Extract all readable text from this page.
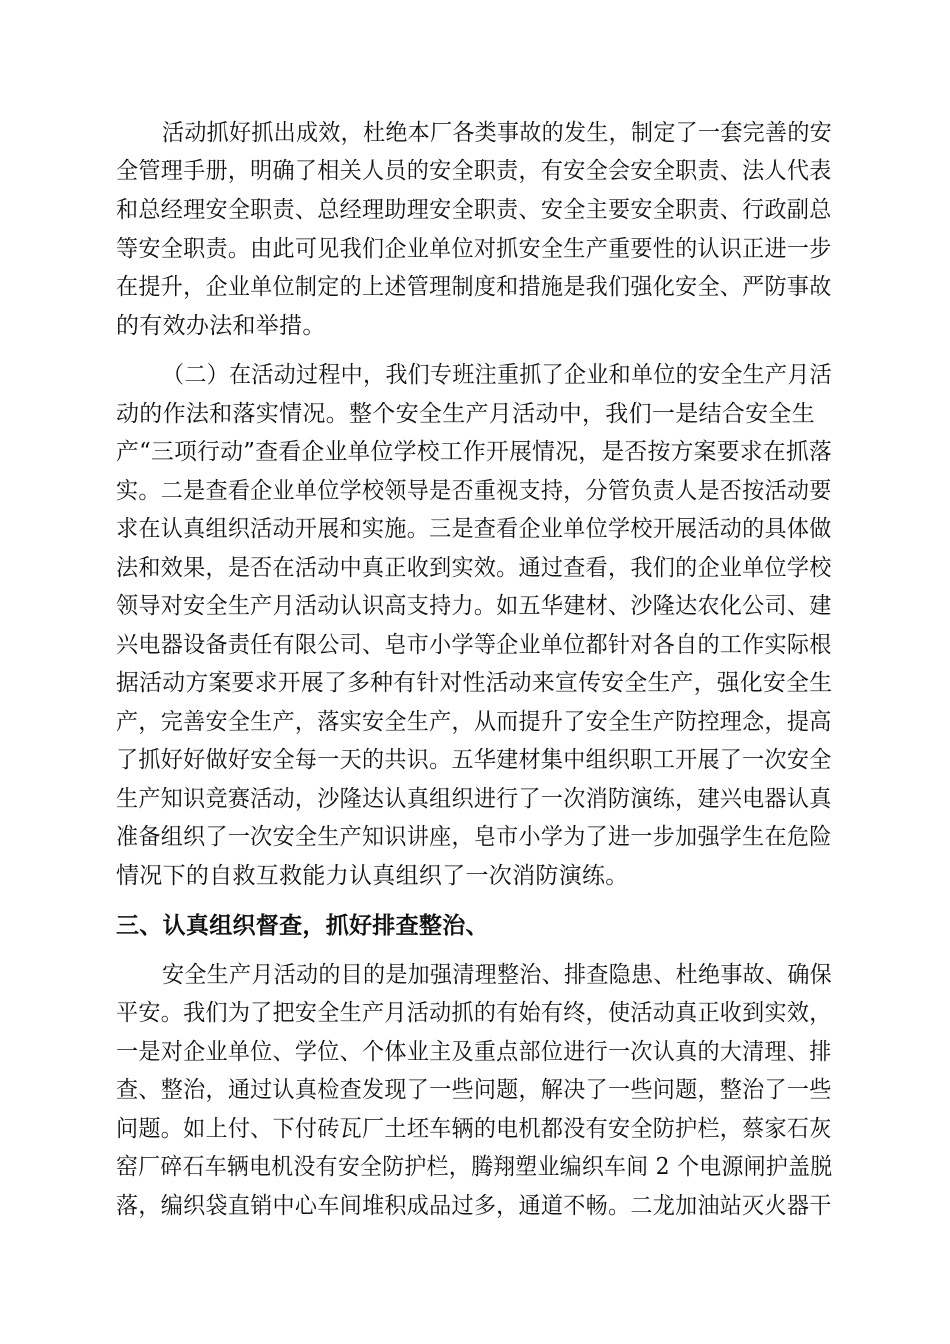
活动抓好抓出成效，杜绝本厂各类事故的发生，制定了一套完善的安
全管理手册，明确了相关人员的安全职责，有安全会安全职责、法人代表
和总经理安全职责、总经理助理安全职责、安全主要安全职责、行政副总
等安全职责。由此可见我们企业单位对抓安全生产重要性的认识正进一步
在提升，企业单位制定的上述管理制度和措施是我们强化安全、严防事故
的有效办法和举措。
（二）在活动过程中，我们专班注重抓了企业和单位的安全生产月活
动的作法和落实情况。整个安全生产月活动中，我们一是结合安全生
产“三项行动”查看企业单位学校工作开展情况，是否按方案要求在抓落
实。二是查看企业单位学校领导是否重视支持，分管负责人是否按活动要
求在认真组织活动开展和实施。三是查看企业单位学校开展活动的具体做
法和效果，是否在活动中真正收到实效。通过查看，我们的企业单位学校
领导对安全生产月活动认识高支持力。如五华建材、沙隆达农化公司、建
兴电器设备责任有限公司、皂市小学等企业单位都针对各自的工作实际根
据活动方案要求开展了多种有针对性活动来宣传安全生产，强化安全生
产，完善安全生产，落实安全生产，从而提升了安全生产防控理念，提高
了抓好好做好安全每一天的共识。五华建材集中组织职工开展了一次安全
生产知识竞赛活动，沙隆达认真组织进行了一次消防演练，建兴电器认真
准备组织了一次安全生产知识讲座，皂市小学为了进一步加强学生在危险
情况下的自救互救能力认真组织了一次消防演练。
三、认真组织督查，抓好排查整治、
安全生产月活动的目的是加强清理整治、排查隐患、杜绝事故、确保
平安。我们为了把安全生产月活动抓的有始有终，使活动真正收到实效，
一是对企业单位、学位、个体业主及重点部位进行一次认真的大清理、排
查、整治，通过认真检查发现了一些问题，解决了一些问题，整治了一些
问题。如上付、下付砖瓦厂土坯车辆的电机都没有安全防护栏，蔡家石灰
窑厂碎石车辆电机没有安全防护栏，腾翔塑业编织车间 2 个电源闸护盖脱
落，编织袋直销中心车间堆积成品过多，通道不畅。二龙加油站灭火器干
